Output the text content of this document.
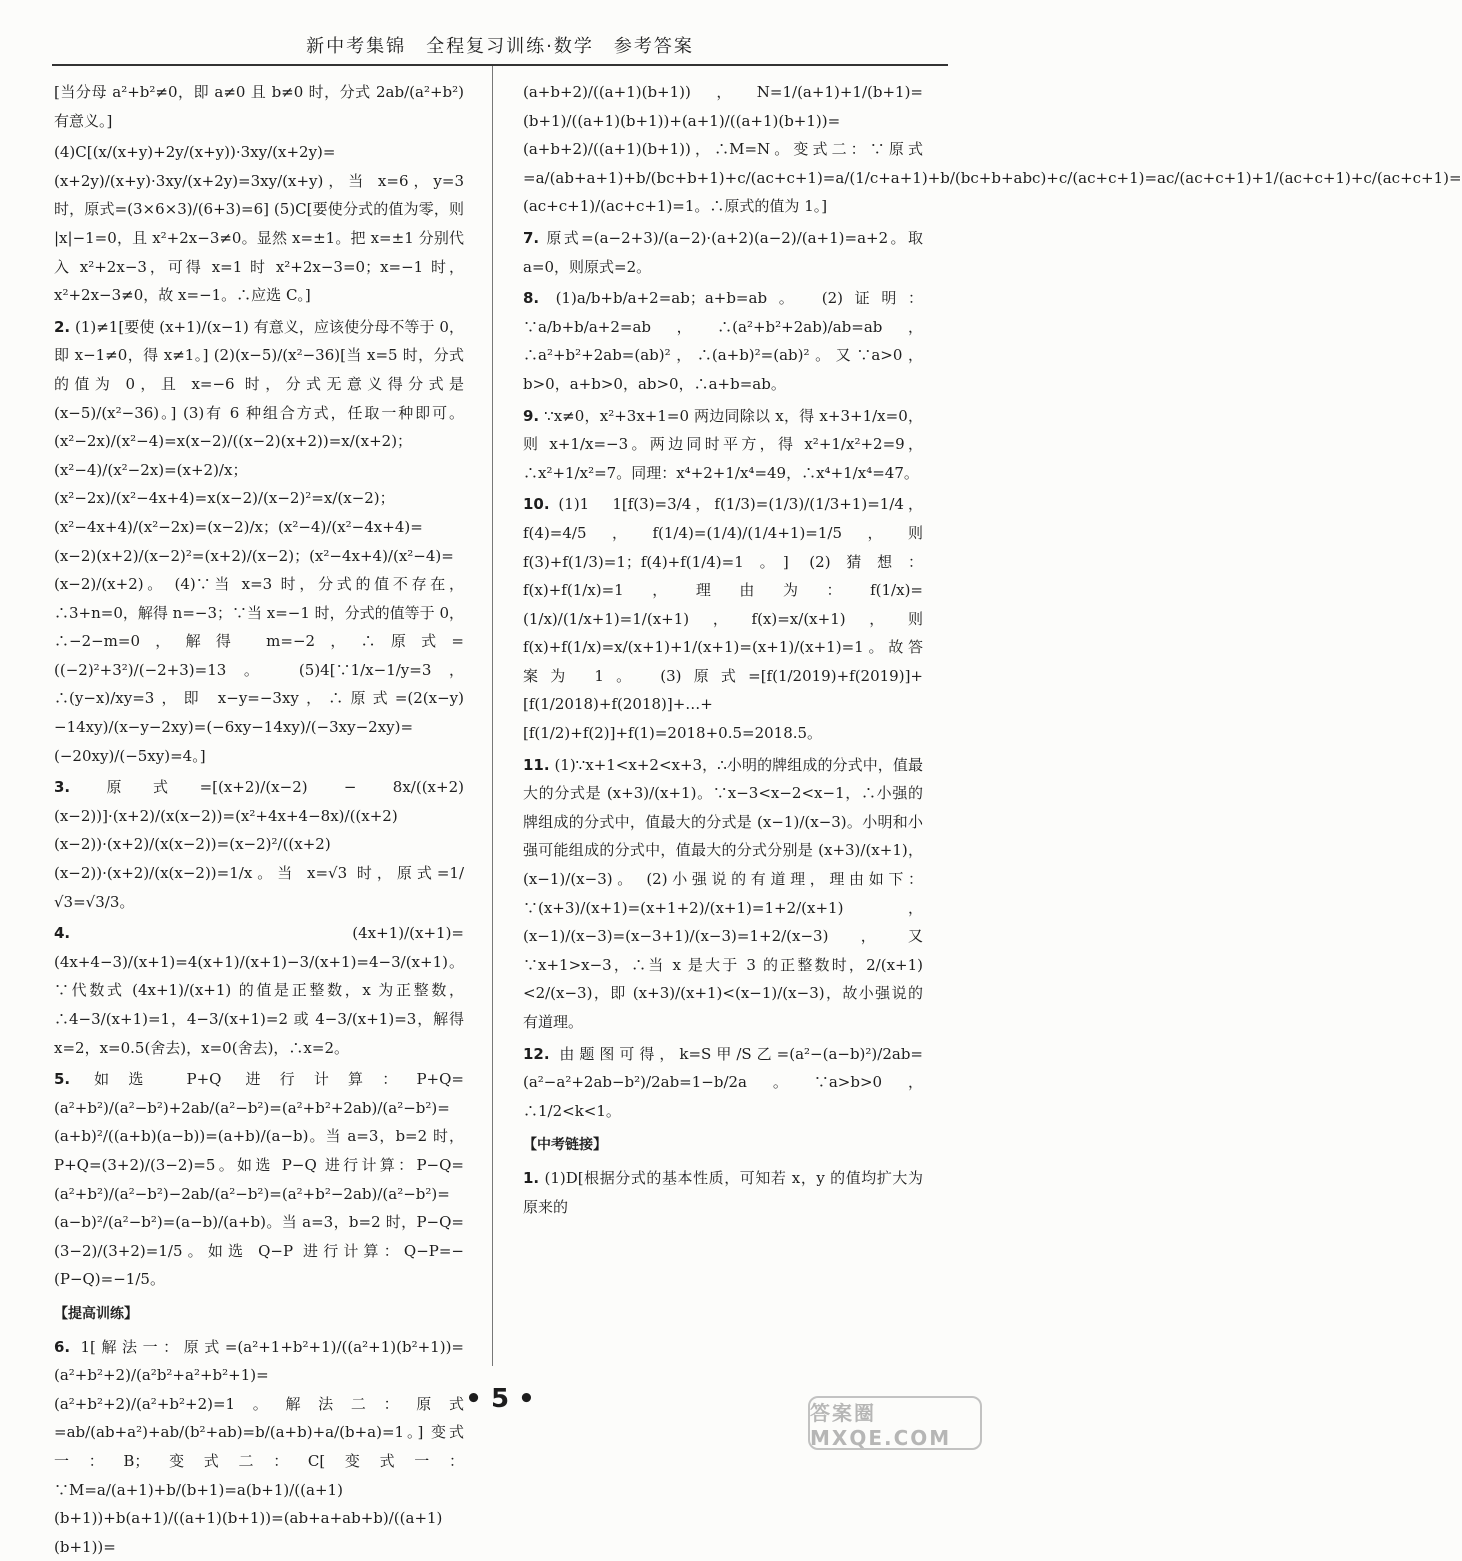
新中考集锦　全程复习训练·数学　参考答案

[当分母 a²+b²≠0，即 a≠0 且 b≠0 时，分式 2ab/(a²+b²) 有意义。]

(4)C[(x/(x+y)+2y/(x+y))·3xy/(x+2y)=(x+2y)/(x+y)·3xy/(x+2y)=3xy/(x+y)，当 x=6，y=3 时，原式=(3×6×3)/(6+3)=6] (5)C[要使分式的值为零，则 |x|−1=0，且 x²+2x−3≠0。显然 x=±1。把 x=±1 分别代入 x²+2x−3，可得 x=1 时 x²+2x−3=0；x=−1 时，x²+2x−3≠0，故 x=−1。∴应选 C。]

2. (1)≠1[要使 (x+1)/(x−1) 有意义，应该使分母不等于 0，即 x−1≠0，得 x≠1。] (2)(x−5)/(x²−36)[当 x=5 时，分式的值为 0，且 x=−6 时，分式无意义得分式是 (x−5)/(x²−36)。] (3)有 6 种组合方式，任取一种即可。(x²−2x)/(x²−4)=x(x−2)/((x−2)(x+2))=x/(x+2)；(x²−4)/(x²−2x)=(x+2)/x；(x²−2x)/(x²−4x+4)=x(x−2)/(x−2)²=x/(x−2)；(x²−4x+4)/(x²−2x)=(x−2)/x；(x²−4)/(x²−4x+4)=(x−2)(x+2)/(x−2)²=(x+2)/(x−2)；(x²−4x+4)/(x²−4)=(x−2)/(x+2)。 (4)∵当 x=3 时，分式的值不存在，∴3+n=0，解得 n=−3；∵当 x=−1 时，分式的值等于 0，∴−2−m=0，解得 m=−2，∴原式=((−2)²+3²)/(−2+3)=13。 (5)4[∵1/x−1/y=3，∴(y−x)/xy=3，即 x−y=−3xy，∴原式=(2(x−y)−14xy)/(x−y−2xy)=(−6xy−14xy)/(−3xy−2xy)=(−20xy)/(−5xy)=4。]

3. 原式=[(x+2)/(x−2) − 8x/((x+2)(x−2))]·(x+2)/(x(x−2))=(x²+4x+4−8x)/((x+2)(x−2))·(x+2)/(x(x−2))=(x−2)²/((x+2)(x−2))·(x+2)/(x(x−2))=1/x。当 x=√3 时，原式=1/√3=√3/3。

4.	(4x+1)/(x+1)=(4x+4−3)/(x+1)=4(x+1)/(x+1)−3/(x+1)=4−3/(x+1)。∵代数式 (4x+1)/(x+1) 的值是正整数，x 为正整数，∴4−3/(x+1)=1，4−3/(x+1)=2 或 4−3/(x+1)=3，解得 x=2，x=0.5(舍去)，x=0(舍去)，∴x=2。

5. 如选 P+Q 进行计算：P+Q=(a²+b²)/(a²−b²)+2ab/(a²−b²)=(a²+b²+2ab)/(a²−b²)=(a+b)²/((a+b)(a−b))=(a+b)/(a−b)。当 a=3，b=2 时，P+Q=(3+2)/(3−2)=5。如选 P−Q 进行计算：P−Q=(a²+b²)/(a²−b²)−2ab/(a²−b²)=(a²+b²−2ab)/(a²−b²)=(a−b)²/(a²−b²)=(a−b)/(a+b)。当 a=3，b=2 时，P−Q=(3−2)/(3+2)=1/5。如选 Q−P 进行计算：Q−P=−(P−Q)=−1/5。

【提高训练】

6. 1[解法一：原式=(a²+1+b²+1)/((a²+1)(b²+1))=(a²+b²+2)/(a²b²+a²+b²+1)=(a²+b²+2)/(a²+b²+2)=1。解法二：原式=ab/(ab+a²)+ab/(b²+ab)=b/(a+b)+a/(b+a)=1。] 变式一：B；变式二：C[变式一：∵M=a/(a+1)+b/(b+1)=a(b+1)/((a+1)(b+1))+b(a+1)/((a+1)(b+1))=(ab+a+ab+b)/((a+1)(b+1))=

(a+b+2)/((a+1)(b+1))，N=1/(a+1)+1/(b+1)=(b+1)/((a+1)(b+1))+(a+1)/((a+1)(b+1))=(a+b+2)/((a+1)(b+1))，∴M=N。变式二：∵原式=a/(ab+a+1)+b/(bc+b+1)+c/(ac+c+1)=a/(1/c+a+1)+b/(bc+b+abc)+c/(ac+c+1)=ac/(ac+c+1)+1/(ac+c+1)+c/(ac+c+1)=(ac+c+1)/(ac+c+1)=1。∴原式的值为 1。]

7. 原式=(a−2+3)/(a−2)·(a+2)(a−2)/(a+1)=a+2。取 a=0，则原式=2。

8. (1)a/b+b/a+2=ab；a+b=ab。 (2)证明：∵a/b+b/a+2=ab，∴(a²+b²+2ab)/ab=ab，∴a²+b²+2ab=(ab)²，∴(a+b)²=(ab)²。又∵a>0，b>0，a+b>0，ab>0，∴a+b=ab。

9. ∵x≠0，x²+3x+1=0 两边同除以 x，得 x+3+1/x=0，则 x+1/x=−3。两边同时平方，得 x²+1/x²+2=9，∴x²+1/x²=7。同理：x⁴+2+1/x⁴=49，∴x⁴+1/x⁴=47。

10. (1)1　1[f(3)=3/4，f(1/3)=(1/3)/(1/3+1)=1/4，f(4)=4/5，f(1/4)=(1/4)/(1/4+1)=1/5，则 f(3)+f(1/3)=1；f(4)+f(1/4)=1。] (2)猜想：f(x)+f(1/x)=1，理由为：f(1/x)=(1/x)/(1/x+1)=1/(x+1)，f(x)=x/(x+1)，则 f(x)+f(1/x)=x/(x+1)+1/(x+1)=(x+1)/(x+1)=1。故答案为 1。 (3)原式=[f(1/2019)+f(2019)]+[f(1/2018)+f(2018)]+…+[f(1/2)+f(2)]+f(1)=2018+0.5=2018.5。

11. (1)∵x+1<x+2<x+3，∴小明的牌组成的分式中，值最大的分式是 (x+3)/(x+1)。∵x−3<x−2<x−1，∴小强的牌组成的分式中，值最大的分式是 (x−1)/(x−3)。小明和小强可能组成的分式中，值最大的分式分别是 (x+3)/(x+1)，(x−1)/(x−3)。 (2)小强说的有道理，理由如下：∵(x+3)/(x+1)=(x+1+2)/(x+1)=1+2/(x+1)，(x−1)/(x−3)=(x−3+1)/(x−3)=1+2/(x−3)，又∵x+1>x−3，∴当 x 是大于 3 的正整数时，2/(x+1)<2/(x−3)，即 (x+3)/(x+1)<(x−1)/(x−3)，故小强说的有道理。

12. 由题图可得，k=S甲/S乙=(a²−(a−b)²)/2ab=(a²−a²+2ab−b²)/2ab=1−b/2a。∵a>b>0，∴1/2<k<1。

【中考链接】

1. (1)D[根据分式的基本性质，可知若 x，y 的值均扩大为原来的

• 5 •	答案圈 MXQE.COM
